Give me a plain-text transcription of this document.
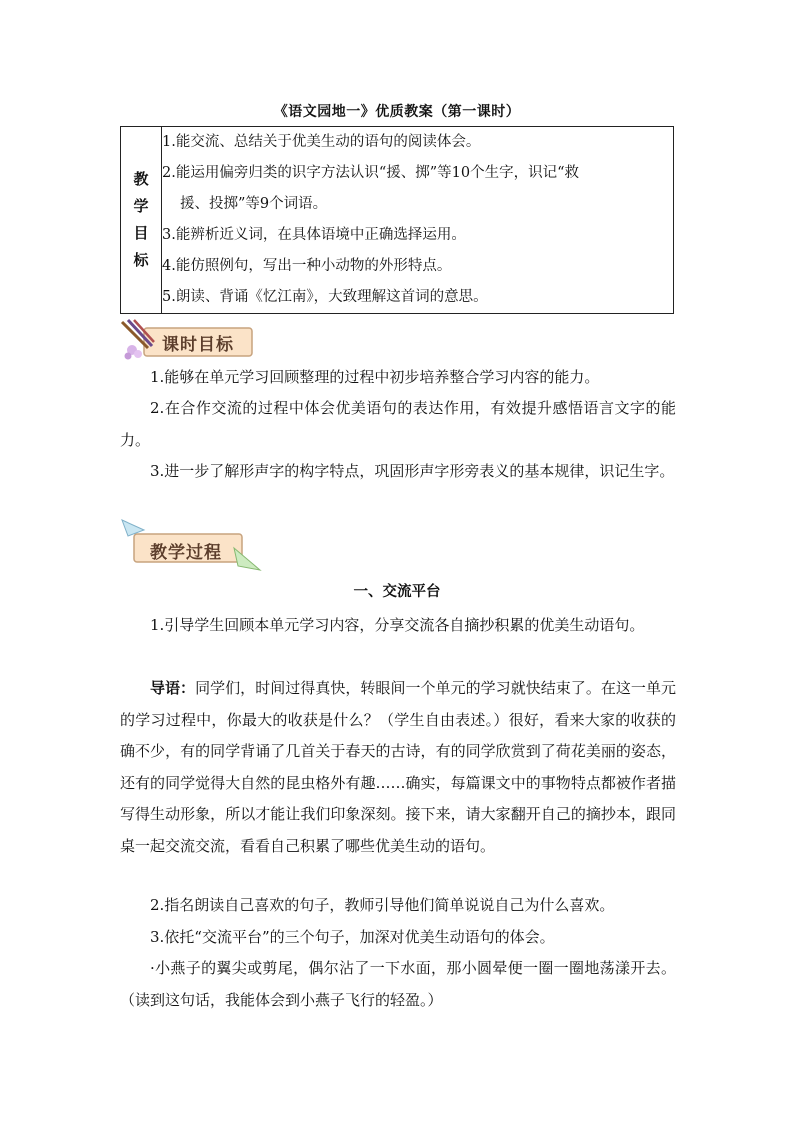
《语文园地一》优质教案（第一课时）
教学目标	
1.能交流、总结关于优美生动的语句的阅读体会。
2.能运用偏旁归类的识字方法认识“援、掷”等10个生字，识记“救
援、投掷”等9个词语。
3.能辨析近义词，在具体语境中正确选择运用。
4.能仿照例句，写出一种小动物的外形特点。
5.朗读、背诵《忆江南》，大致理解这首词的意思。
课时目标

1.能够在单元学习回顾整理的过程中初步培养整合学习内容的能力。

2.在合作交流的过程中体会优美语句的表达作用，有效提升感悟语言文字的能力。

3.进一步了解形声字的构字特点，巩固形声字形旁表义的基本规律，识记生字。

教学过程
一、交流平台

1.引导学生回顾本单元学习内容，分享交流各自摘抄积累的优美生动语句。

导语：同学们，时间过得真快，转眼间一个单元的学习就快结束了。在这一单元的学习过程中，你最大的收获是什么？（学生自由表述。）很好，看来大家的收获的确不少，有的同学背诵了几首关于春天的古诗，有的同学欣赏到了荷花美丽的姿态，还有的同学觉得大自然的昆虫格外有趣……确实，每篇课文中的事物特点都被作者描写得生动形象，所以才能让我们印象深刻。接下来，请大家翻开自己的摘抄本，跟同桌一起交流交流，看看自己积累了哪些优美生动的语句。

2.指名朗读自己喜欢的句子，教师引导他们简单说说自己为什么喜欢。

3.依托“交流平台”的三个句子，加深对优美生动语句的体会。

·小燕子的翼尖或剪尾，偶尔沾了一下水面，那小圆晕便一圈一圈地荡漾开去。（读到这句话，我能体会到小燕子飞行的轻盈。）
